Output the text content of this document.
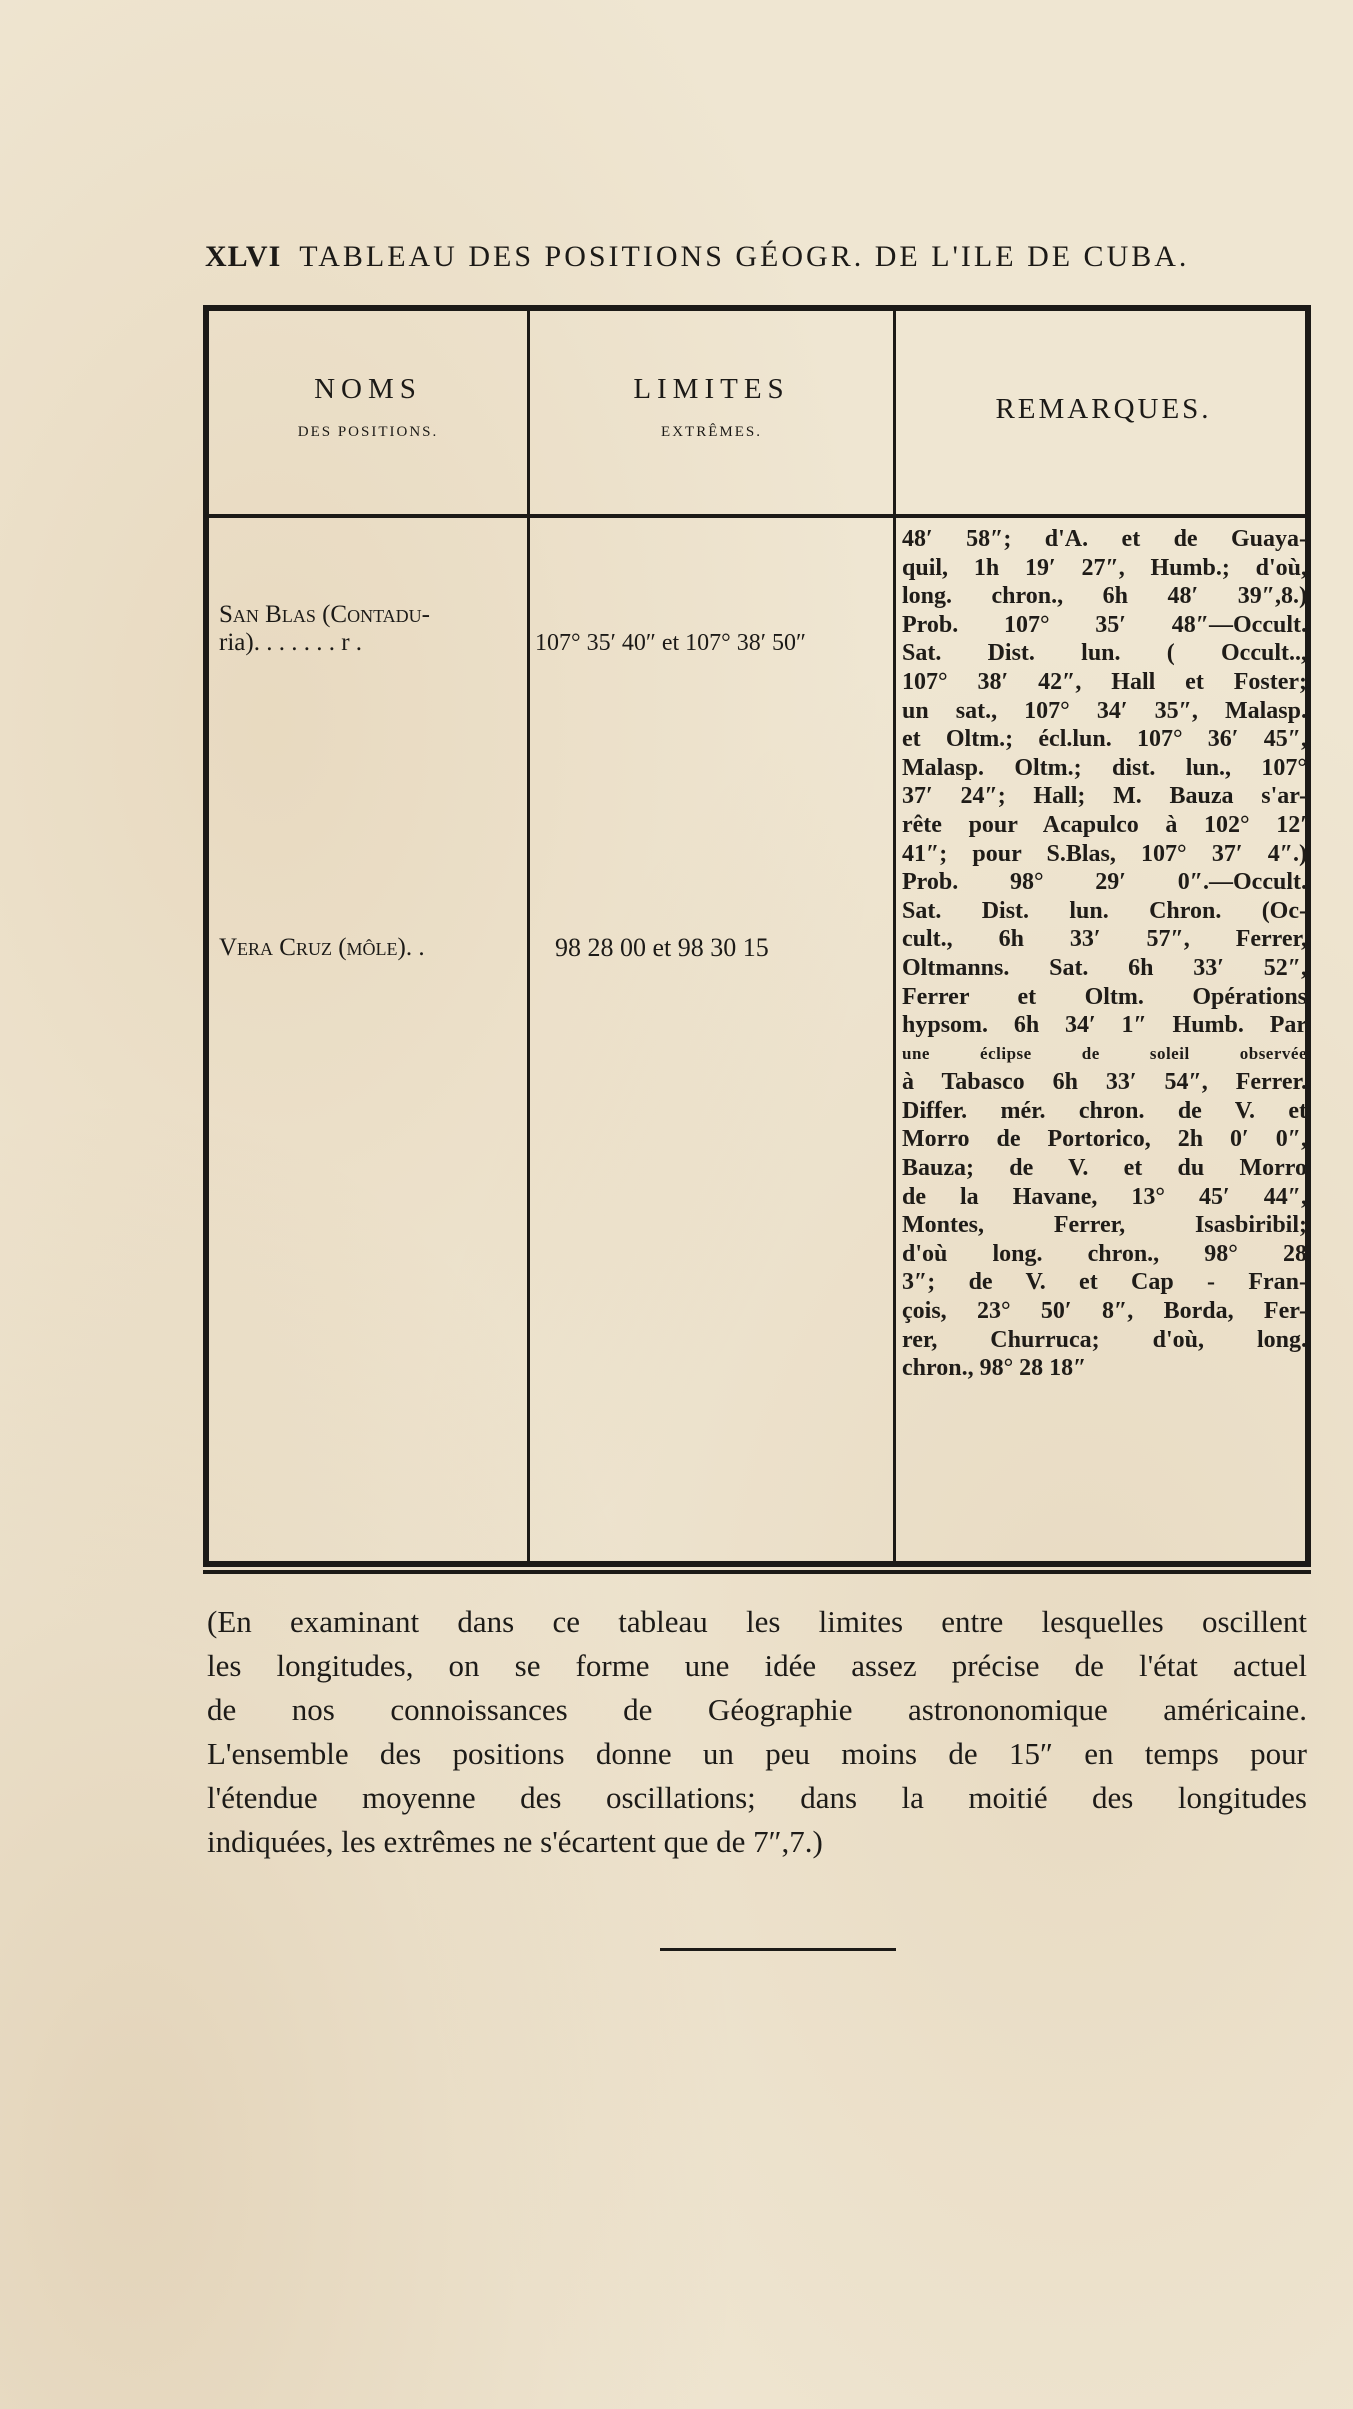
XLVI TABLEAU DES POSITIONS GÉOGR. DE L'ILE DE CUBA.
NOMS
DES POSITIONS.
LIMITES
EXTRÊMES.
REMARQUES.
San Blas (Contadu-
ria). . . . . . . r .	107° 35′ 40″ et 107° 38′ 50″
Vera Cruz (môle). .	98 28 00 et 98 30 15
48′ 58″; d'A. et de Guaya-
quil, 1h 19′ 27″, Humb.; d'où,
long. chron., 6h 48′ 39″,8.)
Prob. 107° 35′ 48″—Occult.
Sat. Dist. lun. ( Occult..,
107° 38′ 42″, Hall et Foster;
un sat., 107° 34′ 35″, Malasp.
et Oltm.; écl.lun. 107° 36′ 45″,
Malasp. Oltm.; dist. lun., 107°
37′ 24″; Hall; M. Bauza s'ar-
rête pour Acapulco à 102° 12′
41″; pour S.Blas, 107° 37′ 4″.)
Prob. 98° 29′ 0″.—Occult.
Sat. Dist. lun. Chron. (Oc-
cult., 6h 33′ 57″, Ferrer,
Oltmanns. Sat. 6h 33′ 52″,
Ferrer et Oltm. Opérations
hypsom. 6h 34′ 1″ Humb. Par
une éclipse de soleil observée
à Tabasco 6h 33′ 54″, Ferrer.
Differ. mér. chron. de V. et
Morro de Portorico, 2h 0′ 0″,
Bauza; de V. et du Morro
de la Havane, 13° 45′ 44″,
Montes, Ferrer, Isasbiribil;
d'où long. chron., 98° 28
3″; de V. et Cap - Fran-
çois, 23° 50′ 8″, Borda, Fer-
rer, Churruca; d'où, long.
chron., 98° 28 18″
(En examinant dans ce tableau les limites entre lesquelles oscillent
les longitudes, on se forme une idée assez précise de l'état actuel
de nos connoissances de Géographie astrononomique américaine.
L'ensemble des positions donne un peu moins de 15″ en temps pour
l'étendue moyenne des oscillations; dans la moitié des longitudes
indiquées, les extrêmes ne s'écartent que de 7″,7.)
